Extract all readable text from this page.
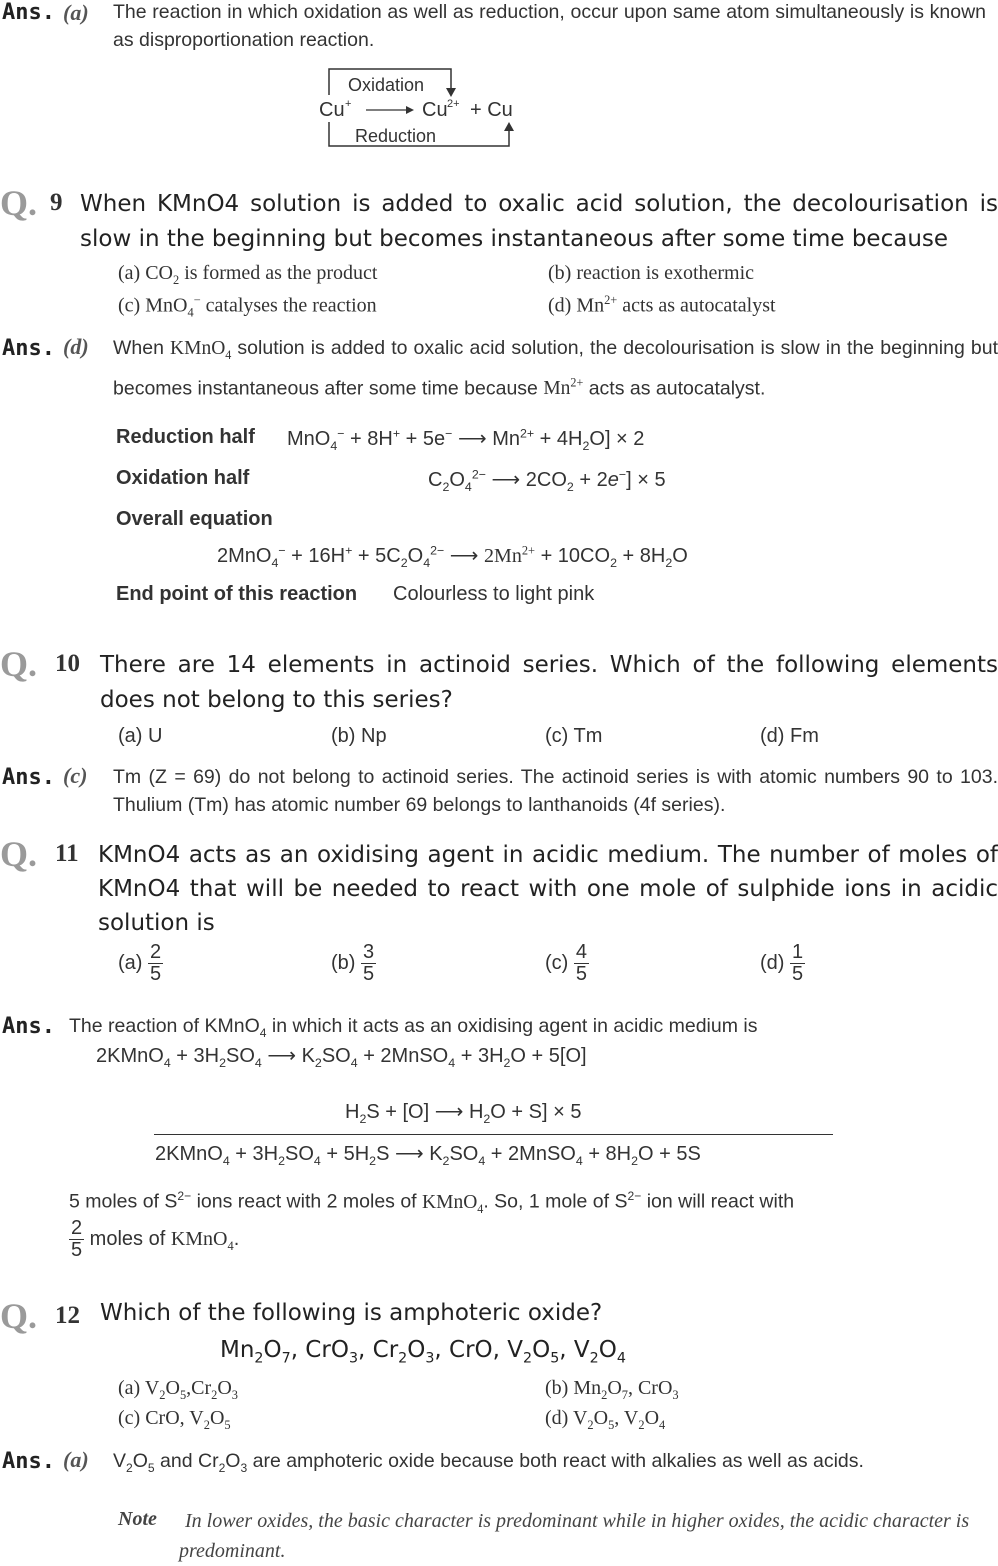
Ans. (a) The reaction in which oxidation as well as reduction, occur upon same atom simultaneously is known as disproportionation reaction.
Oxidation
Cu +	Cu 2+ + Cu
Reduction
Q. 9 When KMnO4 solution is added to oxalic acid solution, the decolourisation is slow in the beginning but becomes instantaneous after some time because
(a) $CO_2$ is formed as the product	(b) reaction is exothermic
(c) MnO$_4$− catalyses the reaction	(d) $Mn^{2+}$ acts as autocatalyst
Ans. (d) When KMnO$_4$ solution is added to oxalic acid solution, the decolourisation is slow in the beginning but becomes instantaneous after some time because $Mn^{2+}$ acts as autocatalyst.
Reduction half MnO$_4$− + 8H+ + 5e− ⟶ $Mn^{2+} + 4H_2O] \times 2$
Oxidation half	$C_2O_4^{2-}$ ⟶ $2CO_2 + 2e^-] \times 5$
Overall equation
$2MnO_4^- + 16H^+ + 5C_2O_4^{2-}$ ⟶ $2Mn^{2+} + 10CO_2 + 8H_2O$
End point of this reaction Colourless to light pink
Q. 10 There are 14 elements in actinoid series. Which of the following elements does not belong to this series?
(a) U	(b) Np	(c) Tm	(d) Fm
Ans. (c) Tm (Z = 69) do not belong to actinoid series. The actinoid series is with atomic numbers 90 to 103. Thulium (Tm) has atomic number 69 belongs to lanthanoids (4f series).
Q. 11 KMnO4 acts as an oxidising agent in acidic medium. The number of moles of KMnO4 that will be needed to react with one mole of sulphide ions in acidic solution is
$(a) \frac{2}{5}$	$(b) \frac{3}{5}$	$(c) \frac{4}{5}$	$(d) \frac{1}{5}$
Ans. The reaction of KMnO$_4$ in which it acts as an oxidising agent in acidic medium is
2KMnO$_4$ + $3H_2SO_4$ ⟶ $K_2SO_4$ + 2MnSO$_4$ + $3H_2O + 5[O]$
$H_2S + [O]$ ⟶ $H_2O + S] \times 5$
2KMnO$_4$ + $3H_2SO_4 + 5H_2S$ ⟶ $K_2SO_4$ + 2MnSO$_4$ + $8H_2O + 5S$
5 moles of $S^{2-}$ ions react with 2 moles of KMnO$_4$. So, 1 mole of $S^{2-}$ ion will react with
$\frac{2}{5}$ moles of KMnO$_4$.
Q. 12 Which of the following is amphoteric oxide?
$Mn_2O_7$, CrO$_3$, $Cr_2O_3$, CrO, $V_2O_5$, $V_2O_4$
(a) $V_2O_5,Cr_2O_3$	(b) $Mn_2O_7$, CrO$_3$
(c) CrO, $V_2O_5$	(d) $V_2O_5$, $V_2O_4$
Ans. (a) $V_2O_5$ and $Cr_2O_3$ are amphoteric oxide because both react with alkalies as well as acids.
Note	In lower oxides, the basic character is predominant while in higher oxides, the acidic character is predominant.
